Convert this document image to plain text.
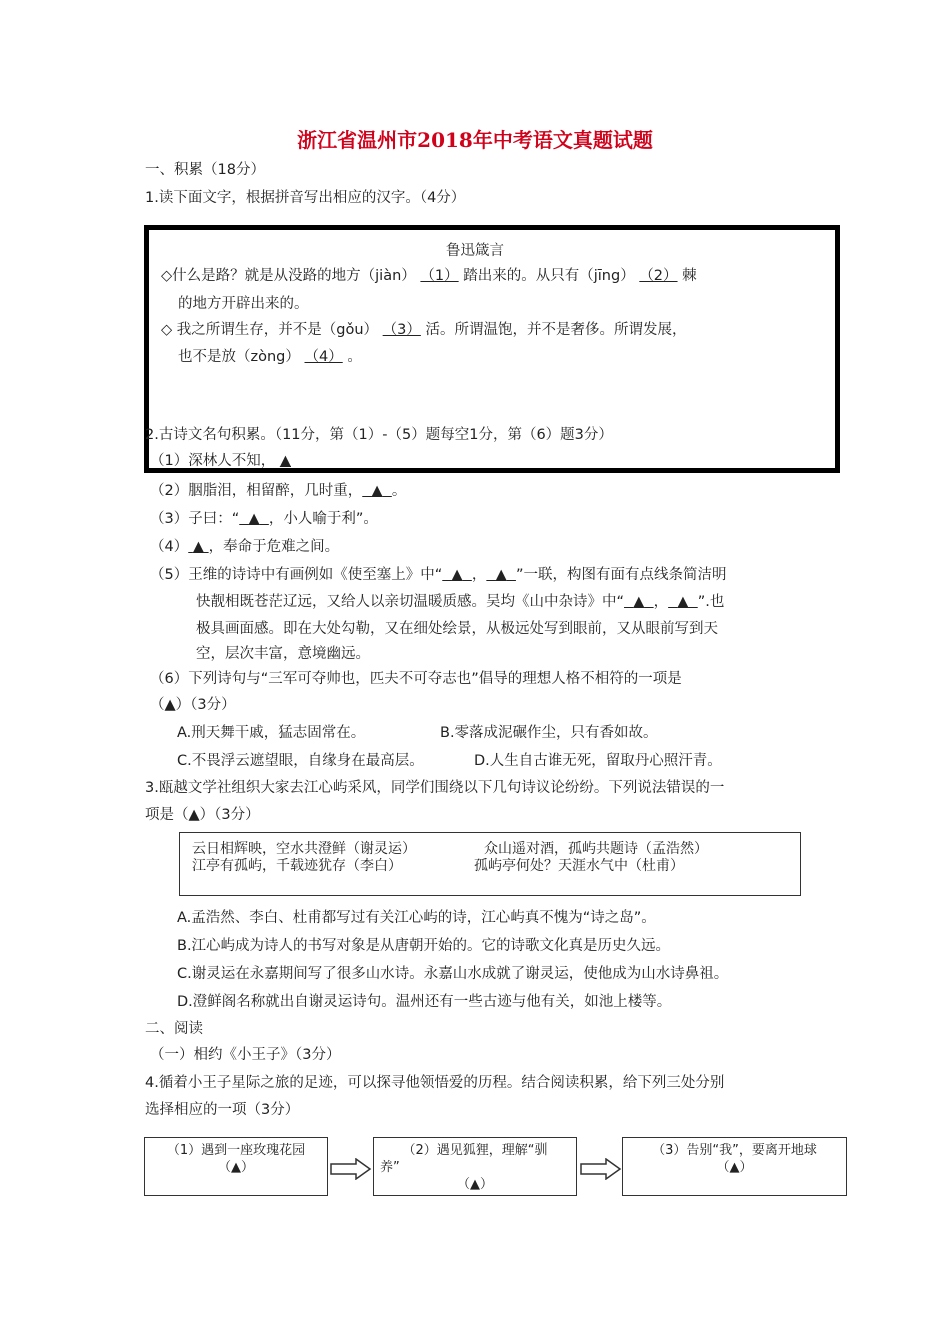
浙江省温州市2018年中考语文真题试题
一、积累（18分）
1.读下面文字，根据拼音写出相应的汉字。（4分）
鲁迅箴言
◇什么是路？就是从没路的地方（jiàn） （1） 踏出来的。从只有（jīng） （2） 棘
的地方开辟出来的。
◇ 我之所谓生存，并不是（gǒu） （3） 活。所谓温饱，并不是奢侈。所谓发展，
也不是放（zòng） （4） 。
2.古诗文名句积累。（11分，第（1）-（5）题每空1分，第（6）题3分）
（1）深林人不知， ▲
（2）胭脂泪，相留醉，几时重， ▲ 。
（3）子曰：“ ▲ ，小人喻于利”。
（4） ▲ ，奉命于危难之间。
（5）王维的诗诗中有画例如《使至塞上》中“ ▲ ， ▲ ”一联，构图有面有点线条简洁明
快靓相既苍茫辽远，又给人以亲切温暖质感。吴均《山中杂诗》中“ ▲ ， ▲ ”.也
极具画面感。即在大处勾勒，又在细处绘景，从极远处写到眼前，又从眼前写到天
空，层次丰富，意境幽远。
（6）下列诗句与“三军可夺帅也，匹夫不可夺志也”倡导的理想人格不相符的一项是
（▲）（3分）
A.刑天舞干戚，猛志固常在。	B.零落成泥碾作尘，只有香如故。
C.不畏浮云遮望眼，自缘身在最高层。	D.人生自古谁无死，留取丹心照汗青。
3.瓯越文学社组织大家去江心屿采风，同学们围绕以下几句诗议论纷纷。下列说法错误的一
项是（▲）（3分）
云日相辉映，空水共澄鲜（谢灵运）	众山遥对酒，孤屿共题诗（孟浩然）
江亭有孤屿，千载迹犹存（李白）	孤屿亭何处？天涯水气中（杜甫）
A.孟浩然、李白、杜甫都写过有关江心屿的诗，江心屿真不愧为“诗之岛”。
B.江心屿成为诗人的书写对象是从唐朝开始的。它的诗歌文化真是历史久远。
C.谢灵运在永嘉期间写了很多山水诗。永嘉山水成就了谢灵运，使他成为山水诗鼻祖。
D.澄鲜阁名称就出自谢灵运诗句。温州还有一些古迹与他有关，如池上楼等。
二、阅读
（一）相约《小王子》（3分）
4.循着小王子星际之旅的足迹，可以探寻他领悟爱的历程。结合阅读积累，给下列三处分别
选择相应的一项（3分）
（1）遇到一座玫瑰花园
（▲）
（2）遇见狐狸，理解“驯
养”
（▲）
（3）告别“我”，要离开地球
（▲）
